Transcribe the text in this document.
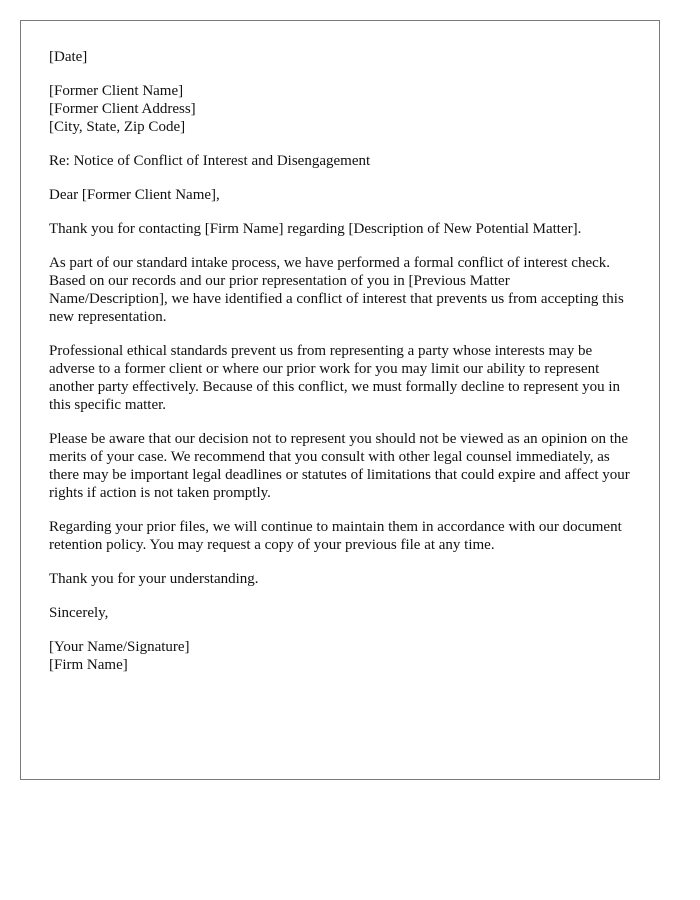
[Date]

[Former Client Name]
[Former Client Address]
[City, State, Zip Code]

Re: Notice of Conflict of Interest and Disengagement

Dear [Former Client Name],

Thank you for contacting [Firm Name] regarding [Description of New Potential Matter].

As part of our standard intake process, we have performed a formal conflict of interest check. Based on our records and our prior representation of you in [Previous Matter Name/Description], we have identified a conflict of interest that prevents us from accepting this new representation.

Professional ethical standards prevent us from representing a party whose interests may be adverse to a former client or where our prior work for you may limit our ability to represent another party effectively. Because of this conflict, we must formally decline to represent you in this specific matter.

Please be aware that our decision not to represent you should not be viewed as an opinion on the merits of your case. We recommend that you consult with other legal counsel immediately, as there may be important legal deadlines or statutes of limitations that could expire and affect your rights if action is not taken promptly.

Regarding your prior files, we will continue to maintain them in accordance with our document retention policy. You may request a copy of your previous file at any time.

Thank you for your understanding.

Sincerely,

[Your Name/Signature]
[Firm Name]
